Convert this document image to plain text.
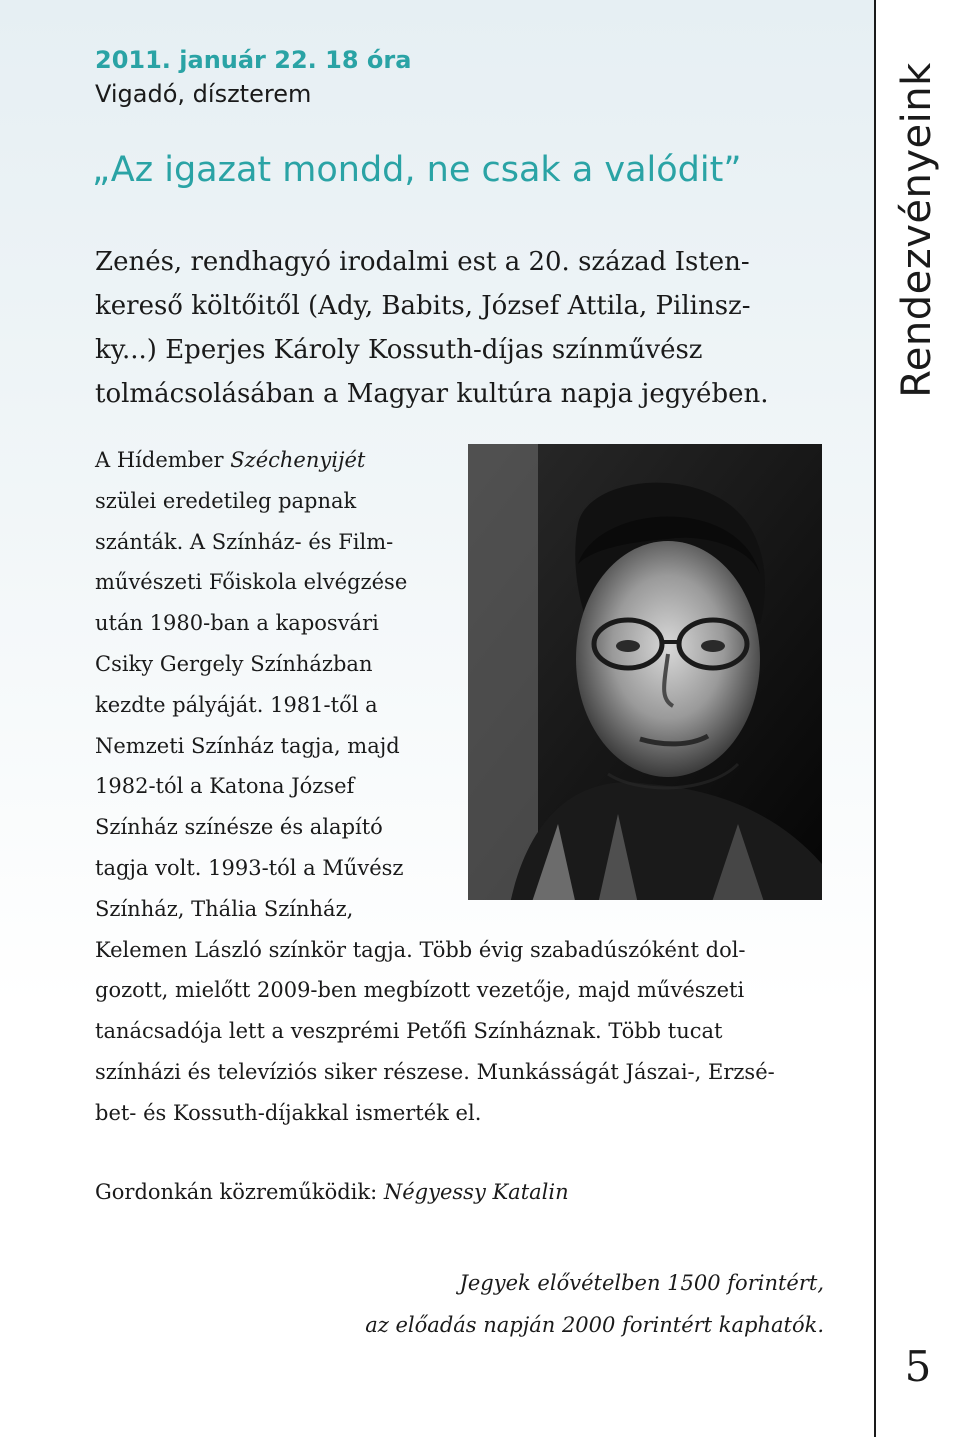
2011. január 22. 18 óra
Vigadó, díszterem
„Az igazat mondd, ne csak a valódit”
Zenés, rendhagyó irodalmi est a 20. század Isten-
kereső költőitől (Ady, Babits, József Attila, Pilinsz-
ky...) Eperjes Károly Kossuth-díjas színművész
tolmácsolásában a Magyar kultúra napja jegyében.
A Hídember Széchenyijét
szülei eredetileg papnak
szánták. A Színház- és Film-
művészeti Főiskola elvégzése
után 1980-ban a kaposvári
Csiky Gergely Színházban
kezdte pályáját. 1981-től a
Nemzeti Színház tagja, majd
1982-tól a Katona József
Színház színésze és alapító
tagja volt. 1993-tól a Művész
Színház, Thália Színház,
Kelemen László színkör tagja. Több évig szabadúszóként dol-
gozott, mielőtt 2009-ben megbízott vezetője, majd művészeti
tanácsadója lett a veszprémi Petőfi Színháznak. Több tucat
színházi és televíziós siker részese. Munkásságát Jászai-, Erzsé-
bet- és Kossuth-díjakkal ismerték el.
Gordonkán közreműködik: Négyessy Katalin
Jegyek elővételben 1500 forintért,
az előadás napján 2000 forintért kaphatók.
Rendezvényeink
5
